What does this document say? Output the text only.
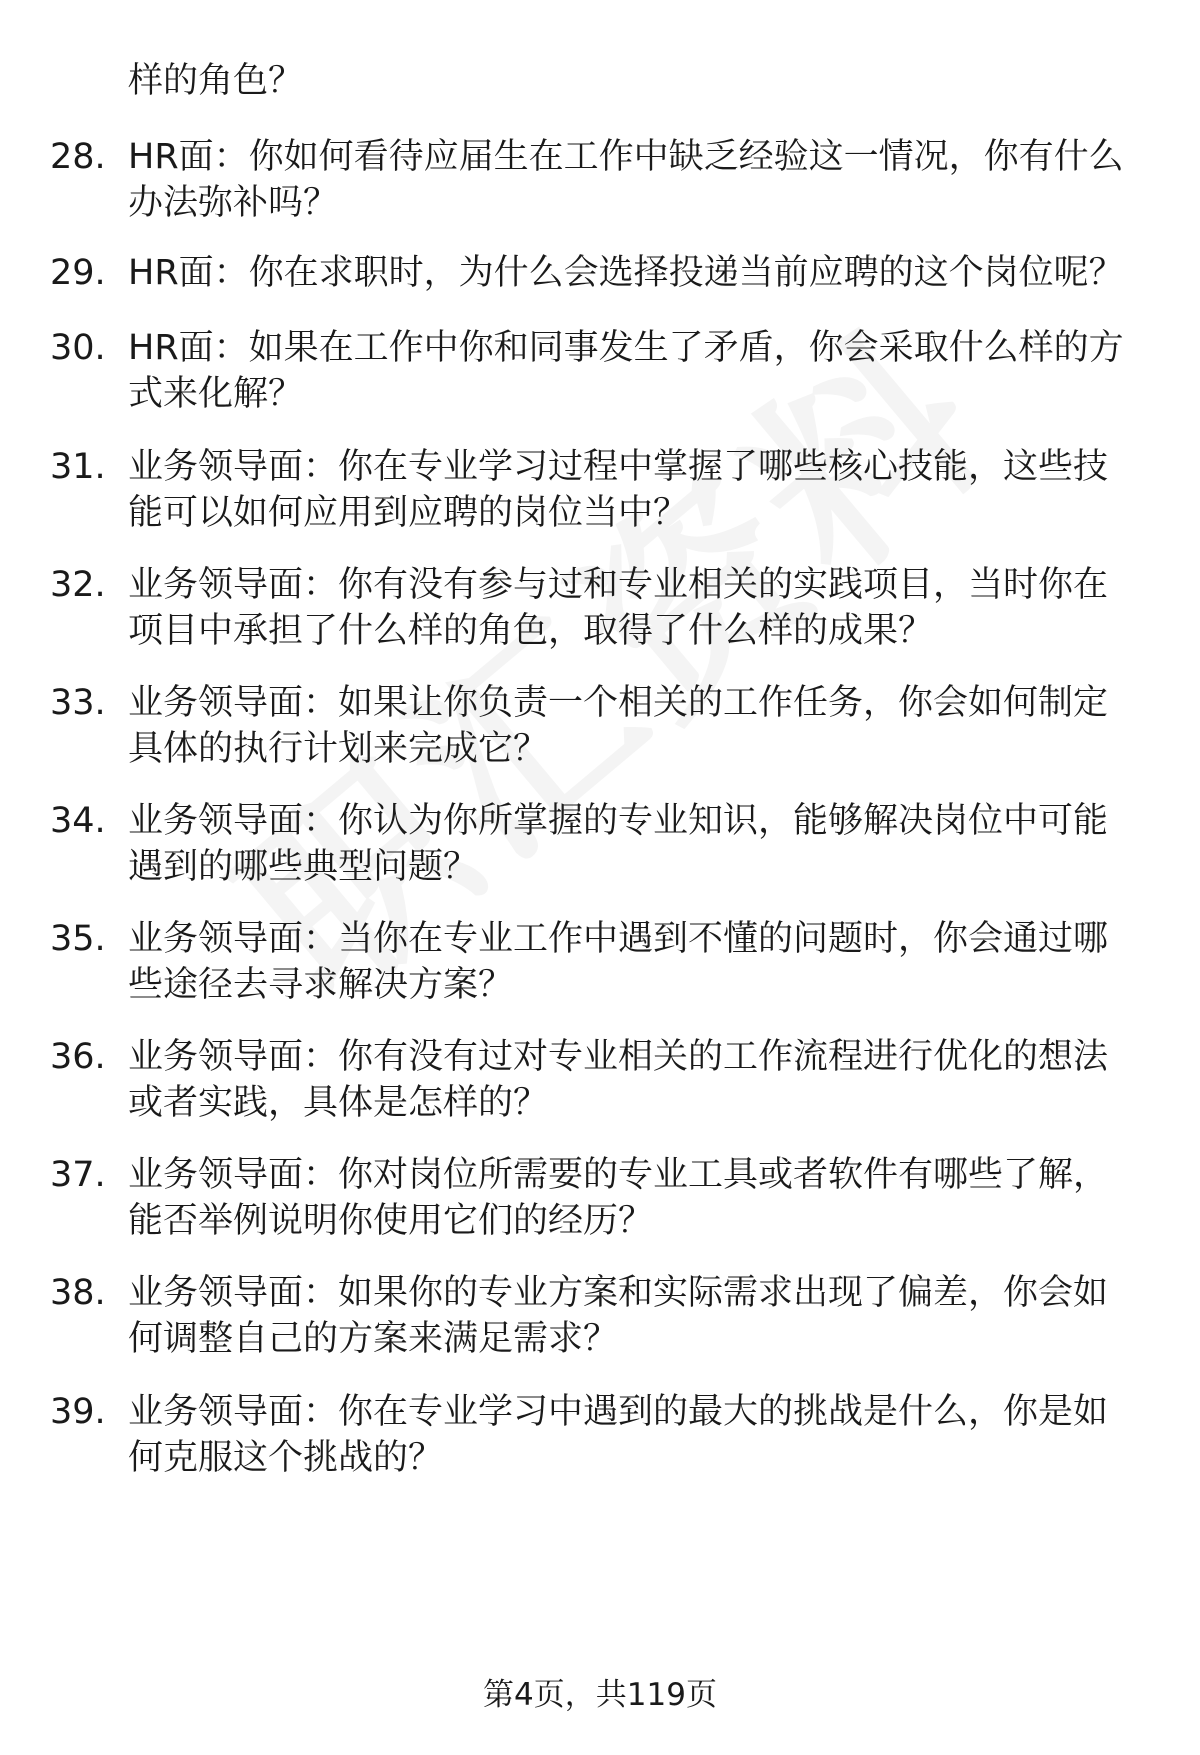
样的角色？
28. HR面：你如何看待应届生在工作中缺乏经验这一情况，你有什么办法弥补吗？
29. HR面：你在求职时，为什么会选择投递当前应聘的这个岗位呢？
30. HR面：如果在工作中你和同事发生了矛盾，你会采取什么样的方式来化解？
31. 业务领导面：你在专业学习过程中掌握了哪些核心技能，这些技能可以如何应用到应聘的岗位当中？
32. 业务领导面：你有没有参与过和专业相关的实践项目，当时你在项目中承担了什么样的角色，取得了什么样的成果？
33. 业务领导面：如果让你负责一个相关的工作任务，你会如何制定具体的执行计划来完成它？
34. 业务领导面：你认为你所掌握的专业知识，能够解决岗位中可能遇到的哪些典型问题？
35. 业务领导面：当你在专业工作中遇到不懂的问题时，你会通过哪些途径去寻求解决方案？
36. 业务领导面：你有没有过对专业相关的工作流程进行优化的想法或者实践，具体是怎样的？
37. 业务领导面：你对岗位所需要的专业工具或者软件有哪些了解，能否举例说明你使用它们的经历？
38. 业务领导面：如果你的专业方案和实际需求出现了偏差，你会如何调整自己的方案来满足需求？
39. 业务领导面：你在专业学习中遇到的最大的挑战是什么，你是如何克服这个挑战的？
第4页，共119页
